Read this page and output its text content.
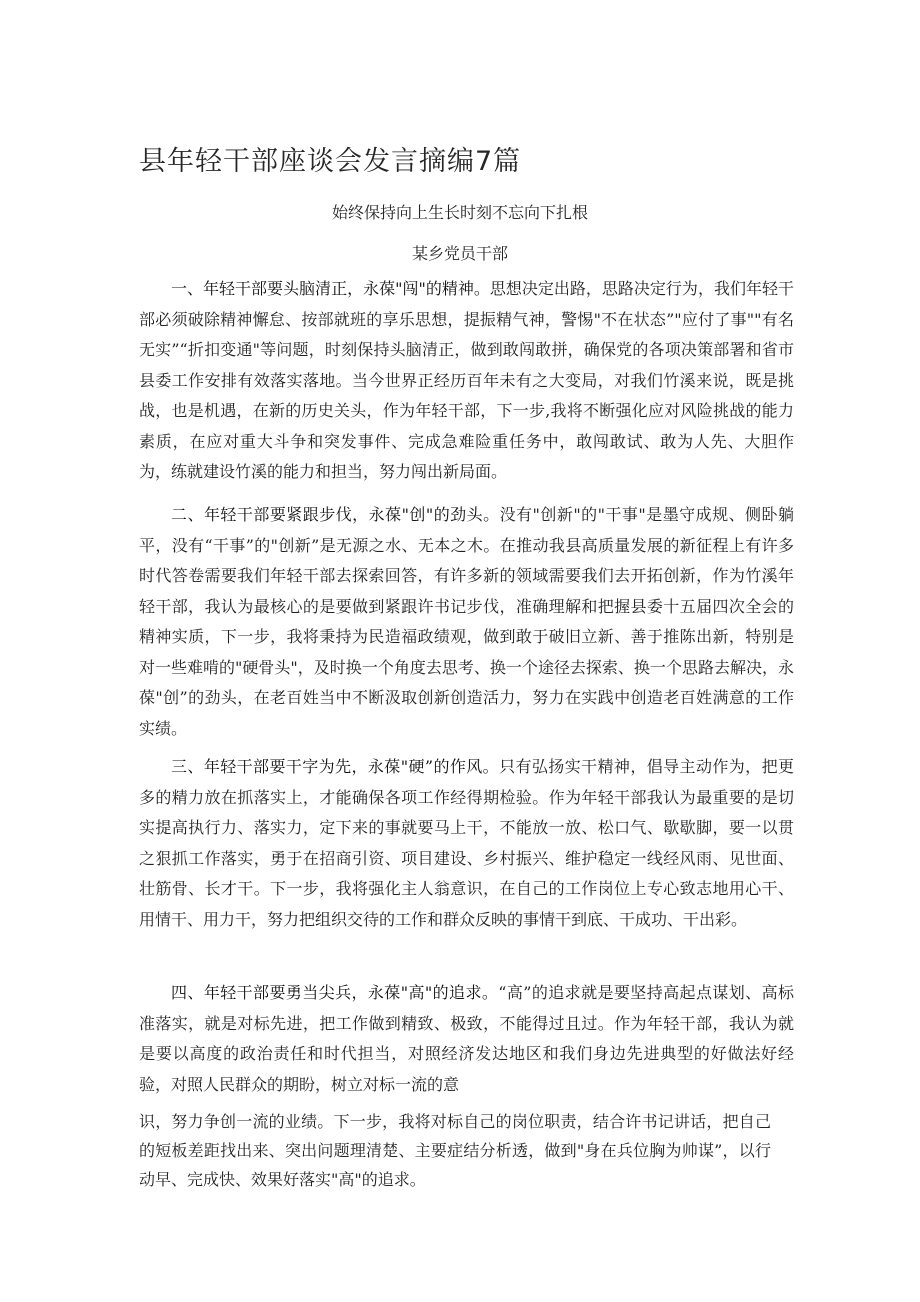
县年轻干部座谈会发言摘编7篇
始终保持向上生长时刻不忘向下扎根
某乡党员干部

一、年轻干部要头脑清正，永葆"闯"的精神。思想决定出路，思路决定行为，我们年轻干部必须破除精神懈怠、按部就班的享乐思想，提振精气神，警惕"不在状态”"应付了事""有名无实”“折扣变通"等问题，时刻保持头脑清正，做到敢闯敢拼，确保党的各项决策部署和省市县委工作安排有效落实落地。当今世界正经历百年未有之大变局，对我们竹溪来说，既是挑战，也是机遇，在新的历史关头，作为年轻干部，下一步,我将不断强化应对风险挑战的能力素质，在应对重大斗争和突发事件、完成急难险重任务中，敢闯敢试、敢为人先、大胆作为，练就建设竹溪的能力和担当，努力闯出新局面。

二、年轻干部要紧跟步伐，永葆"创"的劲头。没有"创新"的"干事"是墨守成规、侧卧躺平，没有“干事”的"创新”是无源之水、无本之木。在推动我县高质量发展的新征程上有许多时代答卷需要我们年轻干部去探索回答，有许多新的领域需要我们去开拓创新，作为竹溪年轻干部，我认为最核心的是要做到紧跟许书记步伐，准确理解和把握县委十五届四次全会的精神实质，下一步，我将秉持为民造福政绩观，做到敢于破旧立新、善于推陈出新，特别是对一些难啃的"硬骨头"，及时换一个角度去思考、换一个途径去探索、换一个思路去解决，永葆"创”的劲头，在老百姓当中不断汲取创新创造活力，努力在实践中创造老百姓满意的工作实绩。

三、年轻干部要干字为先，永葆"硬”的作风。只有弘扬实干精神，倡导主动作为，把更多的精力放在抓落实上，才能确保各项工作经得期检验。作为年轻干部我认为最重要的是切实提高执行力、落实力，定下来的事就要马上干，不能放一放、松口气、歇歇脚，要一以贯之狠抓工作落实，勇于在招商引资、项目建设、乡村振兴、维护稳定一线经风雨、见世面、壮筋骨、长才干。下一步，我将强化主人翁意识，在自己的工作岗位上专心致志地用心干、用情干、用力干，努力把组织交待的工作和群众反映的事情干到底、干成功、干出彩。

四、年轻干部要勇当尖兵，永葆"高"的追求。“高”的追求就是要坚持高起点谋划、高标准落实，就是对标先进，把工作做到精致、极致，不能得过且过。作为年轻干部，我认为就是要以高度的政治责任和时代担当，对照经济发达地区和我们身边先进典型的好做法好经验，对照人民群众的期盼，树立对标一流的意

识，努力争创一流的业绩。下一步，我将对标自己的岗位职责，结合许书记讲话，把自己的短板差距找出来、突出问题理清楚、主要症结分析透，做到"身在兵位胸为帅谋”，以行动早、完成快、效果好落实"高"的追求。
